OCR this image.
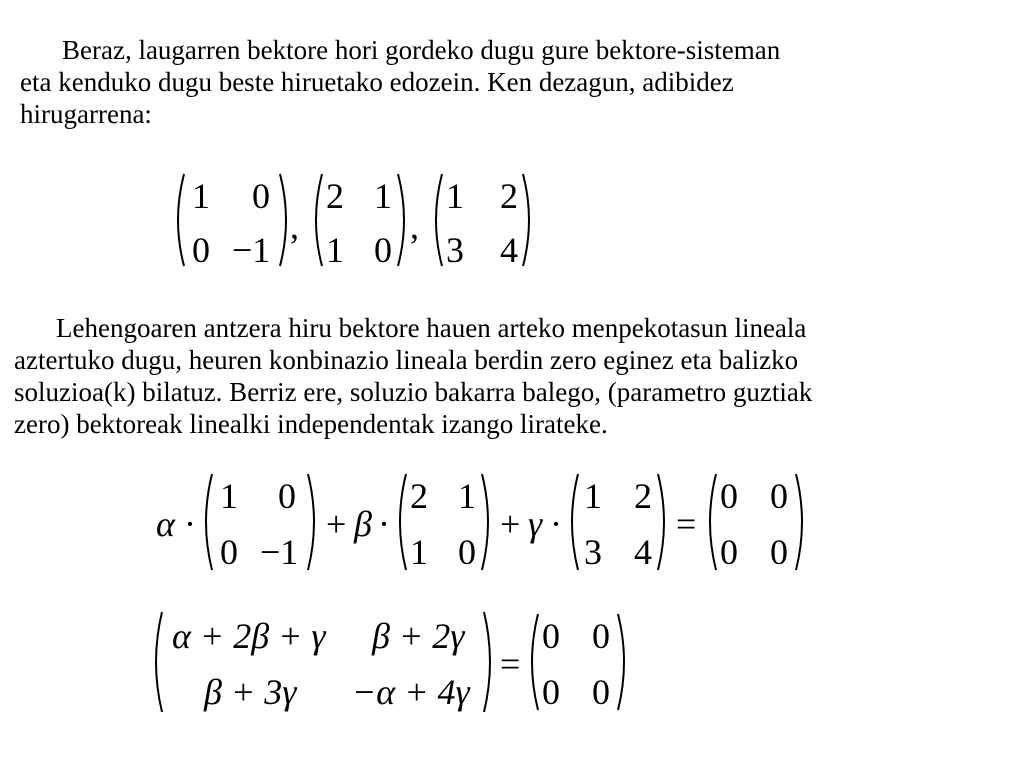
Beraz, laugarren bektore hori gordeko dugu gure bektore-sisteman
eta kenduko dugu beste hiruetako edozein. Ken dezagun, adibidez
hirugarrena:

1 0
0 −1
,
2 1
1 0
,
1 2
3 4

Lehengoaren antzera hiru bektore hauen arteko menpekotasun lineala
aztertuko dugu, heuren konbinazio lineala berdin zero eginez eta balizko
soluzioa(k) bilatuz. Berriz ere, soluzio bakarra balego, (parametro guztiak
zero) bektoreak linealki independentak izango lirateke.

α ·
1 0
0 −1
+ β ·
2 1
1 0
+ γ ·
1 2
3 4
=
0 0
0 0
α + 2β + γ β + 2γ
β + 3γ −α + 4γ
=
0 0
0 0
